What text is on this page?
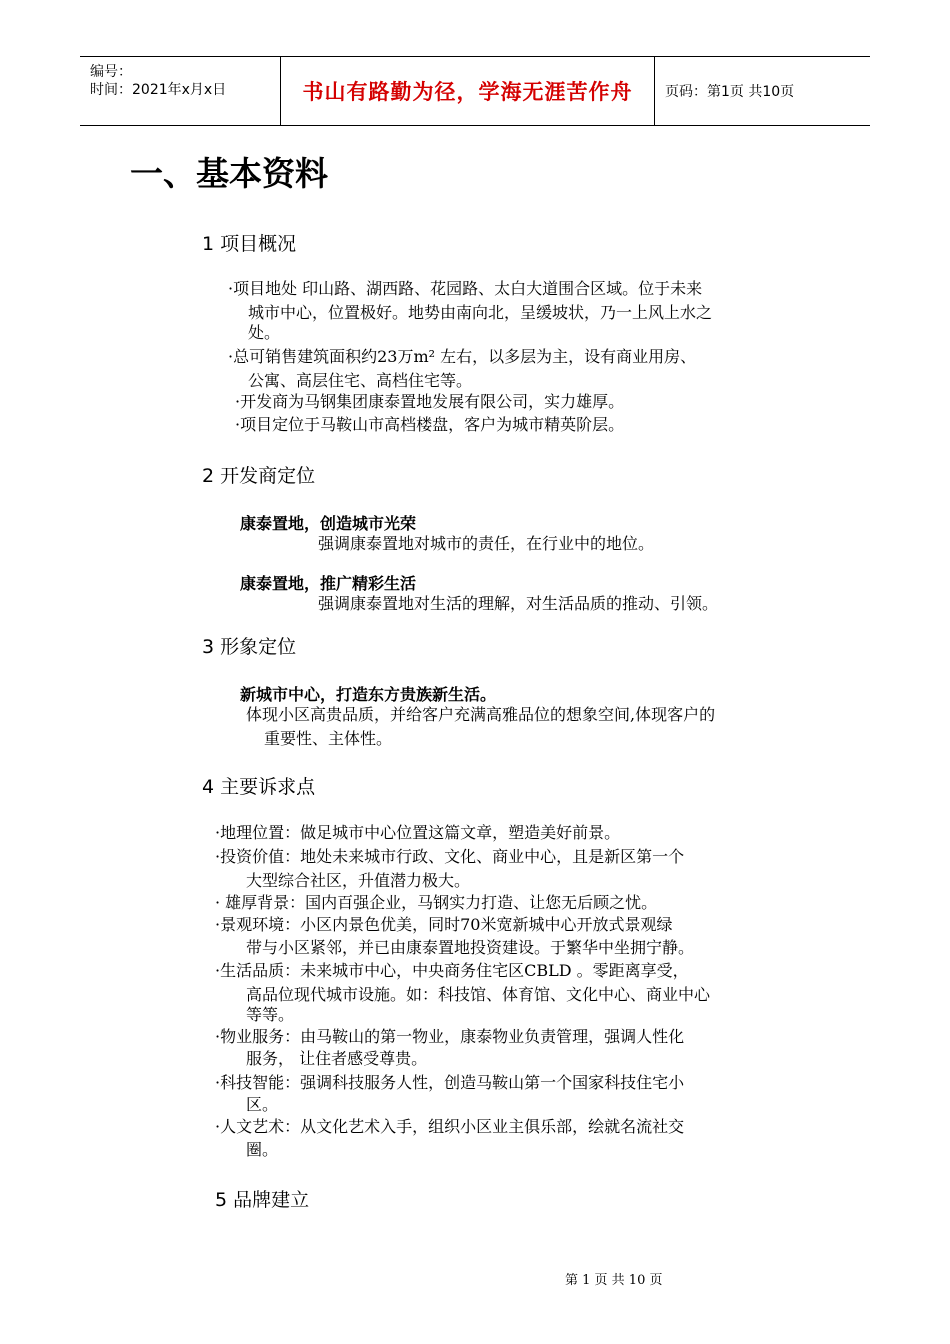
编号：
时间：2021年x月x日	书山有路勤为径，学海无涯苦作舟 页码：第1页 共10页
一、基本资料
1 项目概况
·项目地处 印山路、湖西路、花园路、太白大道围合区域。位于未来
城市中心，位置极好。地势由南向北，呈缓坡状，乃一上风上水之
处。
·总可销售建筑面积约23万m² 左右，以多层为主，设有商业用房、
公寓、高层住宅、高档住宅等。
·开发商为马钢集团康泰置地发展有限公司，实力雄厚。
·项目定位于马鞍山市高档楼盘，客户为城市精英阶层。
2 开发商定位
康泰置地，创造城市光荣
强调康泰置地对城市的责任，在行业中的地位。
康泰置地，推广精彩生活
强调康泰置地对生活的理解，对生活品质的推动、引领。
3 形象定位
新城市中心，打造东方贵族新生活。
体现小区高贵品质，并给客户充满高雅品位的想象空间,体现客户的
重要性、主体性。
4 主要诉求点
·地理位置：做足城市中心位置这篇文章，塑造美好前景。
·投资价值：地处未来城市行政、文化、商业中心，且是新区第一个
大型综合社区，升值潜力极大。
· 雄厚背景：国内百强企业，马钢实力打造、让您无后顾之忧。
·景观环境：小区内景色优美，同时70米宽新城中心开放式景观绿
带与小区紧邻，并已由康泰置地投资建设。于繁华中坐拥宁静。
·生活品质：未来城市中心，中央商务住宅区CBLD 。零距离享受，
高品位现代城市设施。如：科技馆、体育馆、文化中心、商业中心
等等。
·物业服务：由马鞍山的第一物业，康泰物业负责管理，强调人性化
服务， 让住者感受尊贵。
·科技智能：强调科技服务人性，创造马鞍山第一个国家科技住宅小
区。
·人文艺术：从文化艺术入手，组织小区业主俱乐部，绘就名流社交
圈。
5 品牌建立
第 1 页 共 10 页
